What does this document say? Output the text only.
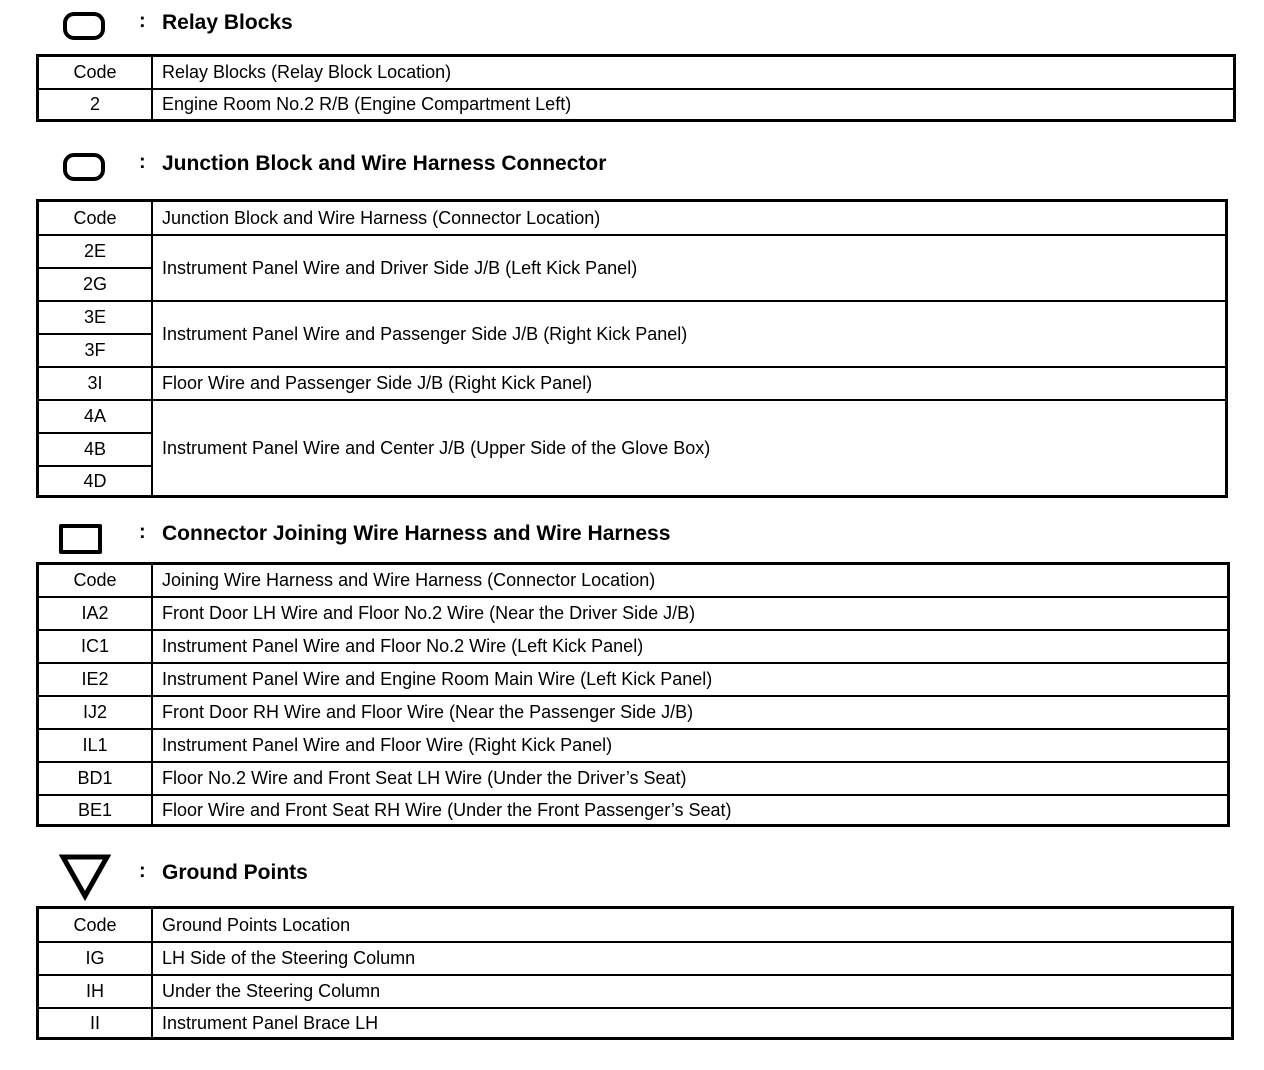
: Relay Blocks
Code	Relay Blocks (Relay Block Location)
2	Engine Room No.2 R/B (Engine Compartment Left)
: Junction Block and Wire Harness Connector
Code	Junction Block and Wire Harness (Connector Location)
2E	Instrument Panel Wire and Driver Side J/B (Left Kick Panel)
2G	
3E	Instrument Panel Wire and Passenger Side J/B (Right Kick Panel)
3F	
3I	Floor Wire and Passenger Side J/B (Right Kick Panel)
4A	Instrument Panel Wire and Center J/B (Upper Side of the Glove Box)
4B	
4D	
: Connector Joining Wire Harness and Wire Harness
Code	Joining Wire Harness and Wire Harness (Connector Location)
IA2	Front Door LH Wire and Floor No.2 Wire (Near the Driver Side J/B)
IC1	Instrument Panel Wire and Floor No.2 Wire (Left Kick Panel)
IE2	Instrument Panel Wire and Engine Room Main Wire (Left Kick Panel)
IJ2	Front Door RH Wire and Floor Wire (Near the Passenger Side J/B)
IL1	Instrument Panel Wire and Floor Wire (Right Kick Panel)
BD1	Floor No.2 Wire and Front Seat LH Wire (Under the Driver’s Seat)
BE1	Floor Wire and Front Seat RH Wire (Under the Front Passenger’s Seat)
: Ground Points
Code	Ground Points Location
IG	LH Side of the Steering Column
IH	Under the Steering Column
II	Instrument Panel Brace LH
